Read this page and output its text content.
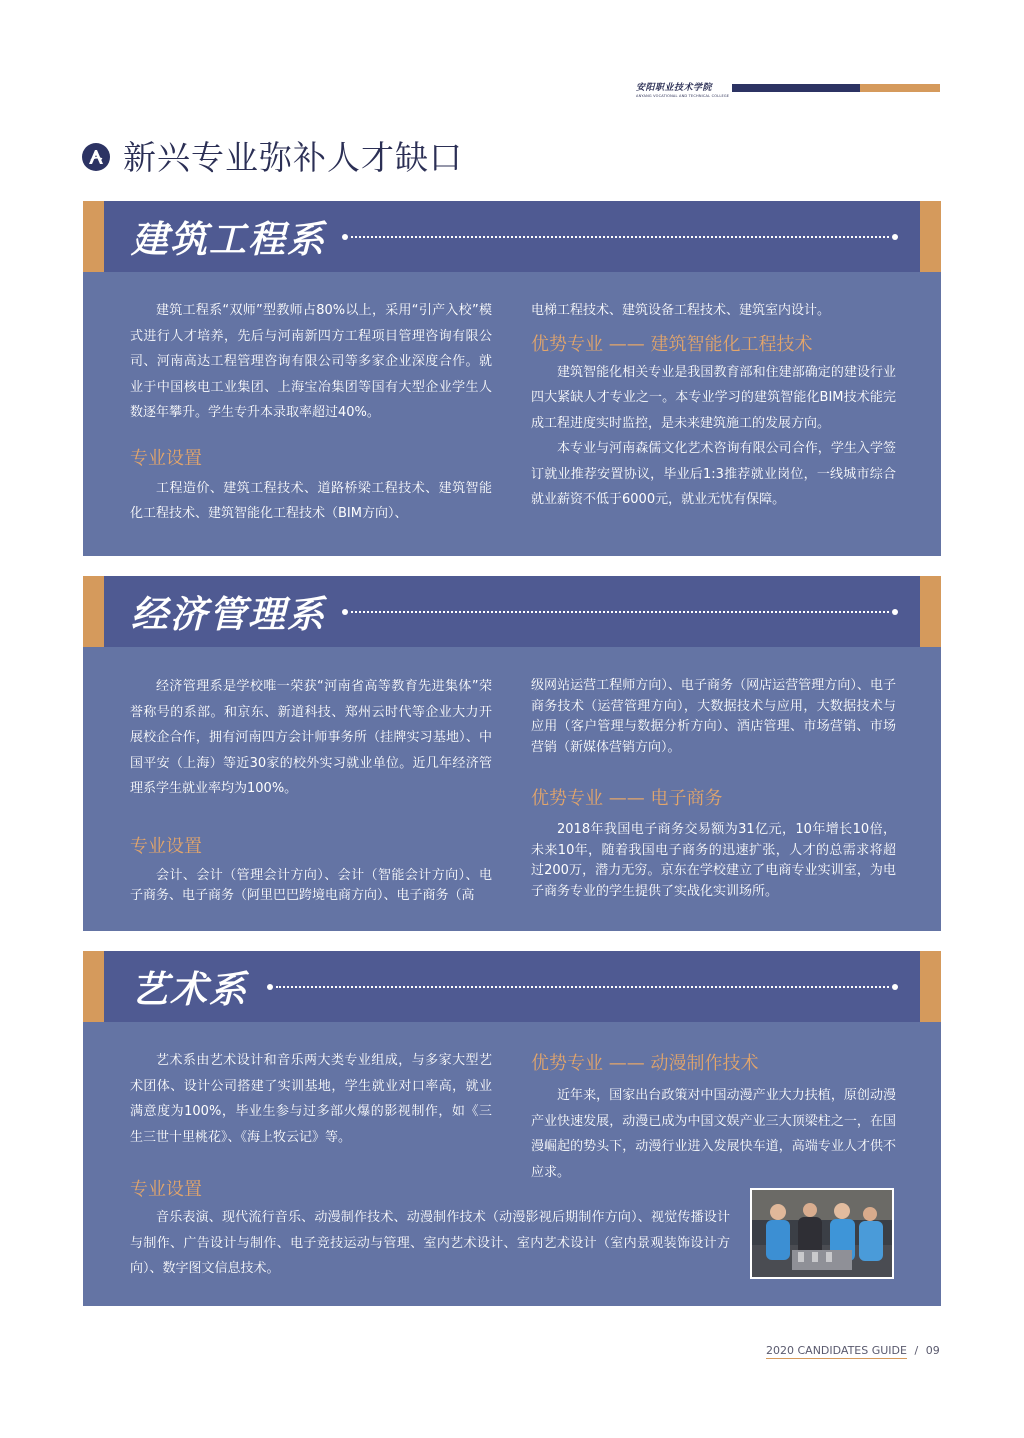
安阳职业技术学院
ANYANG VOCATIONAL AND TECHNICAL COLLEGE
新兴专业弥补人才缺口
建筑工程系

建筑工程系“双师”型教师占80%以上，采用“引产入校”模式进行人才培养，先后与河南新四方工程项目管理咨询有限公司、河南高达工程管理咨询有限公司等多家企业深度合作。就业于中国核电工业集团、上海宝冶集团等国有大型企业学生人数逐年攀升。学生专升本录取率超过40%。

专业设置

工程造价、建筑工程技术、道路桥梁工程技术、建筑智能化工程技术、建筑智能化工程技术（BIM方向）、

电梯工程技术、建筑设备工程技术、建筑室内设计。

优势专业 —— 建筑智能化工程技术

建筑智能化相关专业是我国教育部和住建部确定的建设行业四大紧缺人才专业之一。本专业学习的建筑智能化BIM技术能完成工程进度实时监控，是未来建筑施工的发展方向。

本专业与河南森儒文化艺术咨询有限公司合作，学生入学签订就业推荐安置协议，毕业后1:3推荐就业岗位，一线城市综合就业薪资不低于6000元，就业无忧有保障。

经济管理系

经济管理系是学校唯一荣获“河南省高等教育先进集体”荣誉称号的系部。和京东、新道科技、郑州云时代等企业大力开展校企合作，拥有河南四方会计师事务所（挂牌实习基地）、中国平安（上海）等近30家的校外实习就业单位。近几年经济管理系学生就业率均为100%。

专业设置

会计、会计（管理会计方向）、会计（智能会计方向）、电子商务、电子商务（阿里巴巴跨境电商方向）、电子商务（高

级网站运营工程师方向）、电子商务（网店运营管理方向）、电子商务技术（运营管理方向），大数据技术与应用，大数据技术与应用（客户管理与数据分析方向）、酒店管理、市场营销、市场营销（新媒体营销方向）。

优势专业 —— 电子商务

2018年我国电子商务交易额为31亿元，10年增长10倍，未来10年，随着我国电子商务的迅速扩张，人才的总需求将超过200万，潜力无穷。京东在学校建立了电商专业实训室，为电子商务专业的学生提供了实战化实训场所。

艺术系

艺术系由艺术设计和音乐两大类专业组成，与多家大型艺术团体、设计公司搭建了实训基地，学生就业对口率高，就业满意度为100%，毕业生参与过多部火爆的影视制作，如《三生三世十里桃花》、《海上牧云记》等。

优势专业 —— 动漫制作技术

近年来，国家出台政策对中国动漫产业大力扶植，原创动漫产业快速发展，动漫已成为中国文娱产业三大顶梁柱之一，在国漫崛起的势头下，动漫行业进入发展快车道，高端专业人才供不应求。

专业设置

音乐表演、现代流行音乐、动漫制作技术、动漫制作技术（动漫影视后期制作方向）、视觉传播设计与制作、广告设计与制作、电子竞技运动与管理、室内艺术设计、室内艺术设计（室内景观装饰设计方向）、数字图文信息技术。

2020 CANDIDATES GUIDE / 09
